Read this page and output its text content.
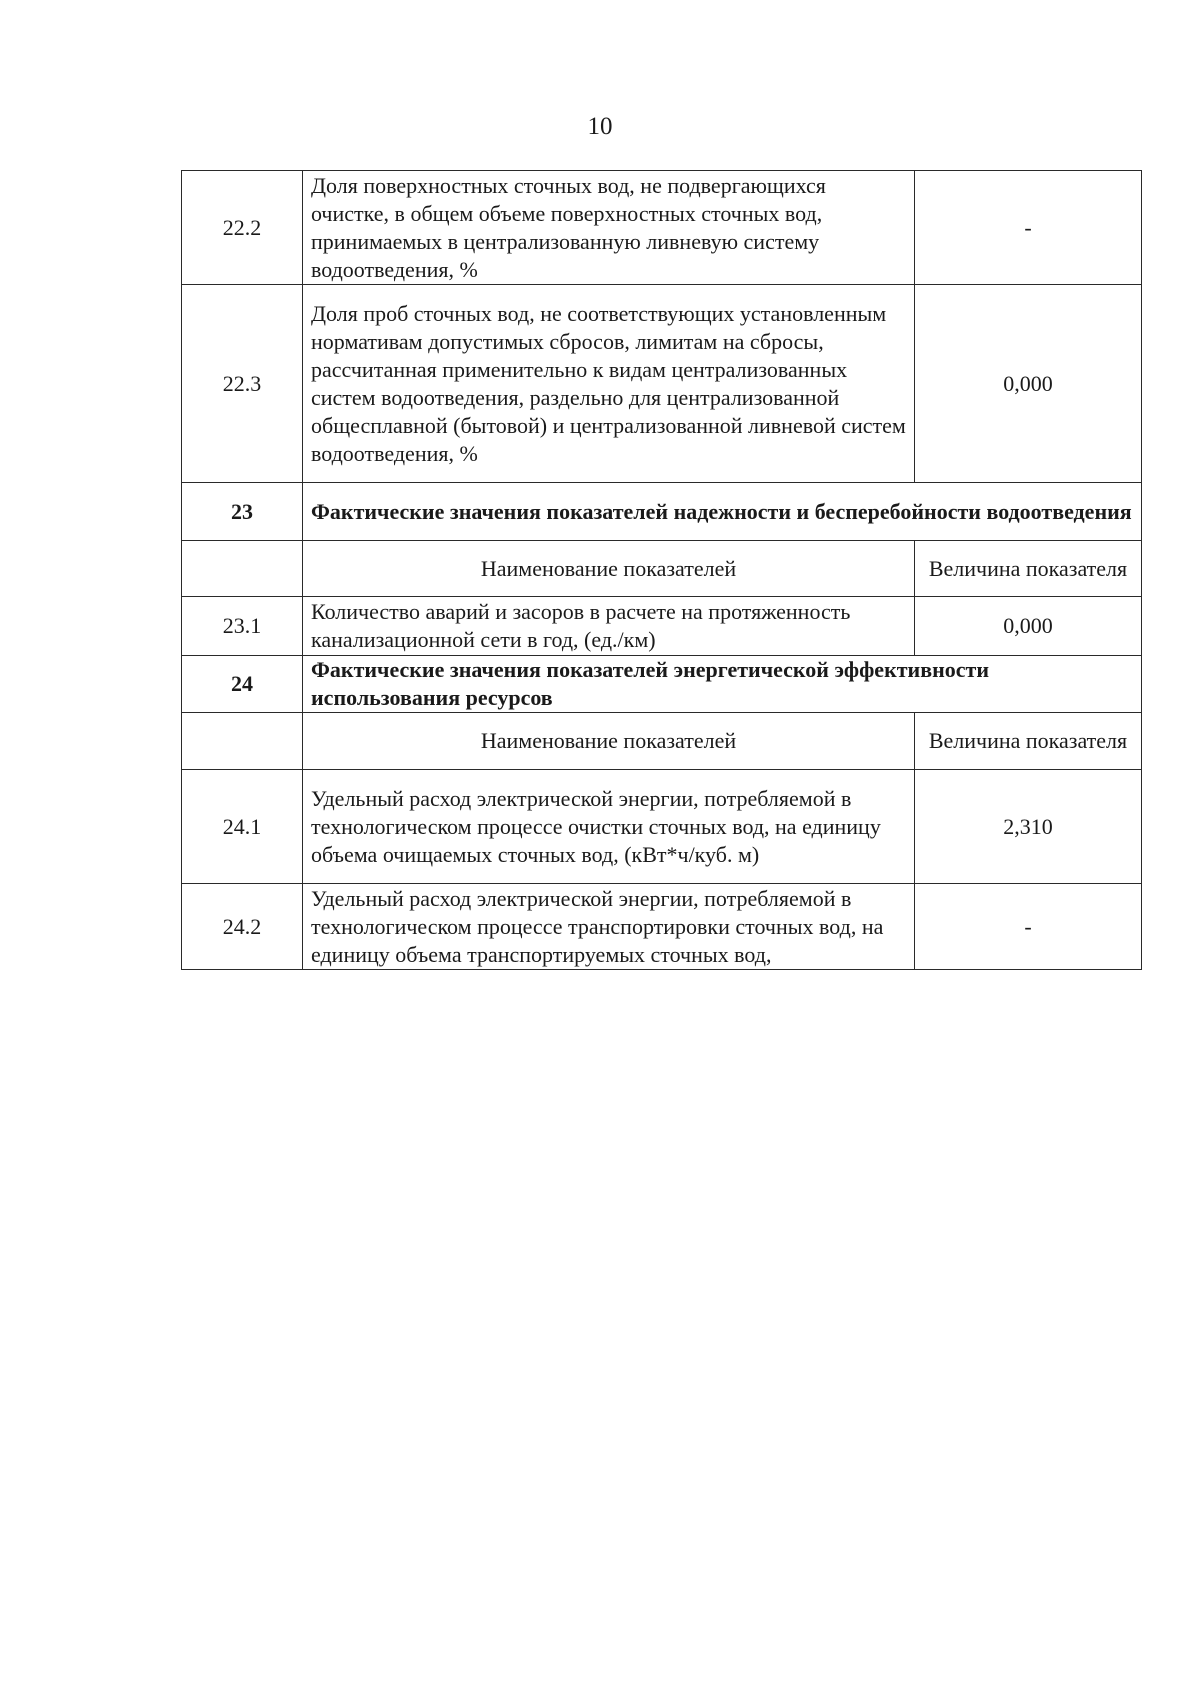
10
22.2	Доля поверхностных сточных вод, не подвергающихся очистке, в общем объеме поверхностных сточных вод, принимаемых в централизованную ливневую систему водоотведения, %	-
22.3	Доля проб сточных вод, не соответствующих установленным нормативам допустимых сбросов, лимитам на сбросы, рассчитанная применительно к видам централизованных систем водоотведения, раздельно для централизованной общесплавной (бытовой) и централизованной ливневой систем водоотведения, %	0,000
23	Фактические значения показателей надежности и бесперебойности водоотведения	
	Наименование показателей	Величина показателя
23.1	Количество аварий и засоров в расчете на протяженность канализационной сети в год, (ед./км)	0,000
24	Фактические значения показателей энергетической эффективности использования ресурсов	
	Наименование показателей	Величина показателя
24.1	Удельный расход электрической энергии, потребляемой в технологическом процессе очистки сточных вод, на единицу объема очищаемых сточных вод, (кВт*ч/куб. м)	2,310
24.2	Удельный расход электрической энергии, потребляемой в технологическом процессе транспортировки сточных вод, на единицу объема транспортируемых сточных вод,	-
